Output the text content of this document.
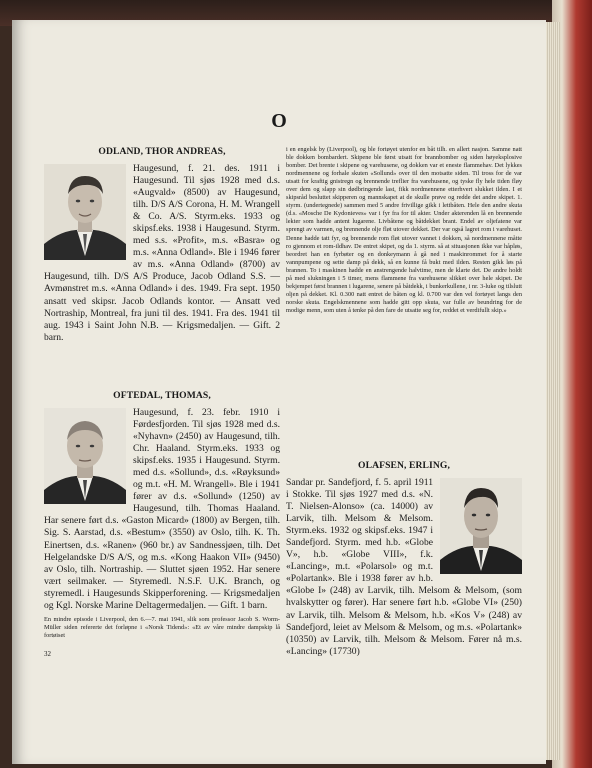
O
ODLAND, THOR ANDREAS,

Haugesund, f. 21. des. 1911 i Haugesund. Til sjøs 1928 med d.s. «Augvald» (8500) av Haugesund, tilh. D/S A/S Corona, H. M. Wrangell & Co. A/S. Styrm.eks. 1933 og skipsf.eks. 1938 i Haugesund. Styrm. med s.s. «Profit», m.s. «Basra» og m.s. «Anna Odland». Ble i 1946 fører av m.s. «Anna Odland» (8700) av Haugesund, tilh. D/S A/S Produce, Jacob Odland S.S. — Avmønstret m.s. «Anna Odland» i des. 1949. Fra sept. 1950 ansatt ved skipsr. Jacob Odlands kontor. — Ansatt ved Nortraship, Montreal, fra juni til des. 1941. Fra des. 1941 til aug. 1943 i Saint John N.B. — Krigsmedaljen. — Gift. 2 barn.

OFTEDAL, THOMAS,

Haugesund, f. 23. febr. 1910 i Førdesfjorden. Til sjøs 1928 med d.s. «Nyhavn» (2450) av Haugesund, tilh. Chr. Haaland. Styrm.eks. 1933 og skipsf.eks. 1935 i Haugesund. Styrm. med d.s. «Sollund», d.s. «Røyksund» og m.t. «H. M. Wrangell». Ble i 1941 fører av d.s. «Sollund» (1250) av Haugesund, tilh. Thomas Haaland. Har senere ført d.s. «Gaston Micard» (1800) av Bergen, tilh. Sig. S. Aarstad, d.s. «Bestum» (3550) av Oslo, tilh. K. Th. Einertsen, d.s. «Ranen» (960 br.) av Sandnessjøen, tilh. Det Helgelandske D/S A/S, og m.s. «Kong Haakon VII» (9450) av Oslo, tilh. Nortraship. — Sluttet sjøen 1952. Har senere vært seilmaker. — Styremedl. N.S.F. U.K. Branch, og styremedl. i Haugesunds Skipperforening. — Krigsmedaljen og Kgl. Norske Marine Deltagermedaljen. — Gift. 1 barn.

En mindre episode i Liverpool, den 6.—7. mai 1941, slik som professor Jacob S. Worm-Müller siden refererte det forløpne i «Norsk Tidend»: «Et av våre mindre dampskip lå fortøiset

32

i en engelsk by (Liverpool), og ble fortøyet utenfor en båt tilh. en allert nasjon. Samme natt ble dokken bombardert. Skipene ble først utsatt for brannbomber og siden høyeksplosive bomber. Det brente i skipene og varehusene, og dokken var et eneste flammehav. Det lykkes nordmennene og forhale skuten «Sollund» over til den motsatte siden. Til tross for de var utsatt for kraftig gnistregn og brennende treflier fra varehusene, og tyske fly hele tiden fløy over dem og slapp sin dødbringende last, fikk nordmennene etterhvert slukket ilden. I et skipsråd besluttet skipperen og mannskapet at de skulle prøve og redde det andre skipet. 1. styrm. (undertegnede) sammen med 5 andre frivillige gikk i lettbåten. Hele den andre skuta (d.s. «Mosche De Kydonieves» var i fyr fra for til akter. Under akterenden lå en brennende lekter som hadde antent lugarene. Livbåtene og båtdekket brant. Endel av oljefatene var sprengt av varmen, og brennende olje fløt utover dekket. Der var også lagret rom i varehuset. Denne hadde tatt fyr, og brennende rom fløt utover vannet i dokken, så nordmennene måtte ro gjennom et rom-ildhav. De entret skipet, og da 1. styrm. så at situasjonen ikke var håpløs, beordret han en fyrbøter og en donkeymann å gå ned i maskinrommet for å starte vannpumpene og sette damp på dekk, så en kunne få bukt med ilden. Resten gikk løs på brannen. To i maskinen hadde en anstrengende halvtime, men de klarte det. De andre holdt på med slukningen i 5 timer, mens flammene fra varehusene slikket over hele skipet. De bekjempet først brannen i lugarene, senere på båtdekk, i bunkerkullene, i nr. 3-luke og tilslutt oljen på dekket. Kl. 0.300 natt entret de båten og kl. 0.700 var den vel fortøyet langs den norske skuta. Engelskmennene som hadde gitt opp skuta, var fulle av beundring for de modige menn, som uten å tenke på den fare de utsatte seg for, reddet et verdifullt skip.»

OLAFSEN, ERLING,

Sandar pr. Sandefjord, f. 5. april 1911 i Stokke. Til sjøs 1927 med d.s. «N. T. Nielsen-Alonso» (ca. 14000) av Larvik, tilh. Melsom & Melsom. Styrm.eks. 1932 og skipsf.eks. 1947 i Sandefjord. Styrm. med h.b. «Globe V», h.b. «Globe VIII», f.k. «Lancing», m.t. «Polarsol» og m.t. «Polartank». Ble i 1938 fører av h.b. «Globe I» (248) av Larvik, tilh. Melsom & Melsom, (som hvalskytter og fører). Har senere ført h.b. «Globe VI» (250) av Larvik, tilh. Melsom & Melsom, h.b. «Kos V» (248) av Sandefjord, leiet av Melsom & Melsom, og m.s. «Polartank» (10350) av Larvik, tilh. Melsom & Melsom. Fører nå m.s. «Lancing» (17730)
